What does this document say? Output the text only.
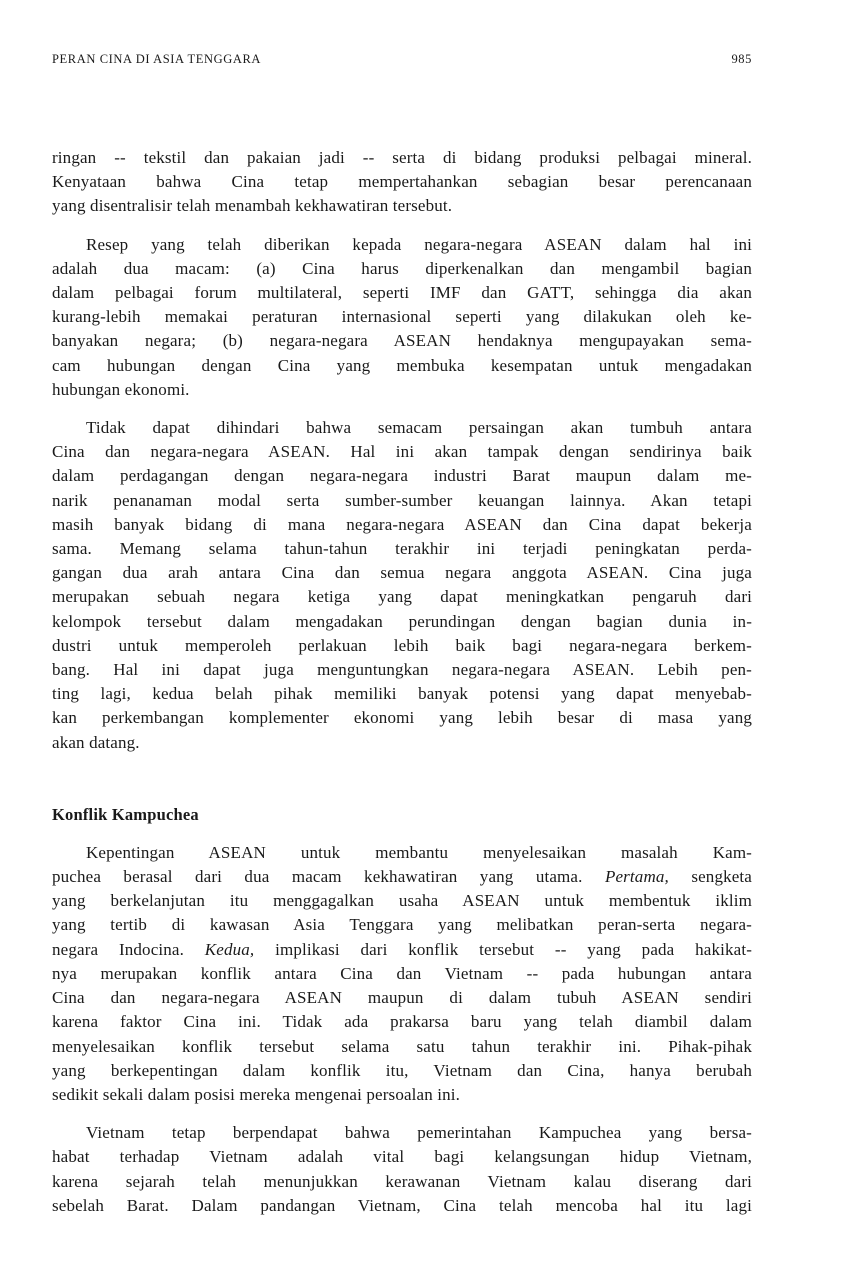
PERAN CINA DI ASIA TENGGARA	985

ringan -- tekstil dan pakaian jadi -- serta di bidang produksi pelbagai mineral.
Kenyataan bahwa Cina tetap mempertahankan sebagian besar perencanaan
yang disentralisir telah menambah kekhawatiran tersebut.

Resep yang telah diberikan kepada negara-negara ASEAN dalam hal ini
adalah dua macam: (a) Cina harus diperkenalkan dan mengambil bagian
dalam pelbagai forum multilateral, seperti IMF dan GATT, sehingga dia akan
kurang-lebih memakai peraturan internasional seperti yang dilakukan oleh ke-
banyakan negara; (b) negara-negara ASEAN hendaknya mengupayakan sema-
cam hubungan dengan Cina yang membuka kesempatan untuk mengadakan
hubungan ekonomi.

Tidak dapat dihindari bahwa semacam persaingan akan tumbuh antara
Cina dan negara-negara ASEAN. Hal ini akan tampak dengan sendirinya baik
dalam perdagangan dengan negara-negara industri Barat maupun dalam me-
narik penanaman modal serta sumber-sumber keuangan lainnya. Akan tetapi
masih banyak bidang di mana negara-negara ASEAN dan Cina dapat bekerja
sama. Memang selama tahun-tahun terakhir ini terjadi peningkatan perda-
gangan dua arah antara Cina dan semua negara anggota ASEAN. Cina juga
merupakan sebuah negara ketiga yang dapat meningkatkan pengaruh dari
kelompok tersebut dalam mengadakan perundingan dengan bagian dunia in-
dustri untuk memperoleh perlakuan lebih baik bagi negara-negara berkem-
bang. Hal ini dapat juga menguntungkan negara-negara ASEAN. Lebih pen-
ting lagi, kedua belah pihak memiliki banyak potensi yang dapat menyebab-
kan perkembangan komplementer ekonomi yang lebih besar di masa yang
akan datang.

Konflik Kampuchea

Kepentingan ASEAN untuk membantu menyelesaikan masalah Kam-
puchea berasal dari dua macam kekhawatiran yang utama. Pertama, sengketa
yang berkelanjutan itu menggagalkan usaha ASEAN untuk membentuk iklim
yang tertib di kawasan Asia Tenggara yang melibatkan peran-serta negara-
negara Indocina. Kedua, implikasi dari konflik tersebut -- yang pada hakikat-
nya merupakan konflik antara Cina dan Vietnam -- pada hubungan antara
Cina dan negara-negara ASEAN maupun di dalam tubuh ASEAN sendiri
karena faktor Cina ini. Tidak ada prakarsa baru yang telah diambil dalam
menyelesaikan konflik tersebut selama satu tahun terakhir ini. Pihak-pihak
yang berkepentingan dalam konflik itu, Vietnam dan Cina, hanya berubah
sedikit sekali dalam posisi mereka mengenai persoalan ini.

Vietnam tetap berpendapat bahwa pemerintahan Kampuchea yang bersa-
habat terhadap Vietnam adalah vital bagi kelangsungan hidup Vietnam,
karena sejarah telah menunjukkan kerawanan Vietnam kalau diserang dari
sebelah Barat. Dalam pandangan Vietnam, Cina telah mencoba hal itu lagi
